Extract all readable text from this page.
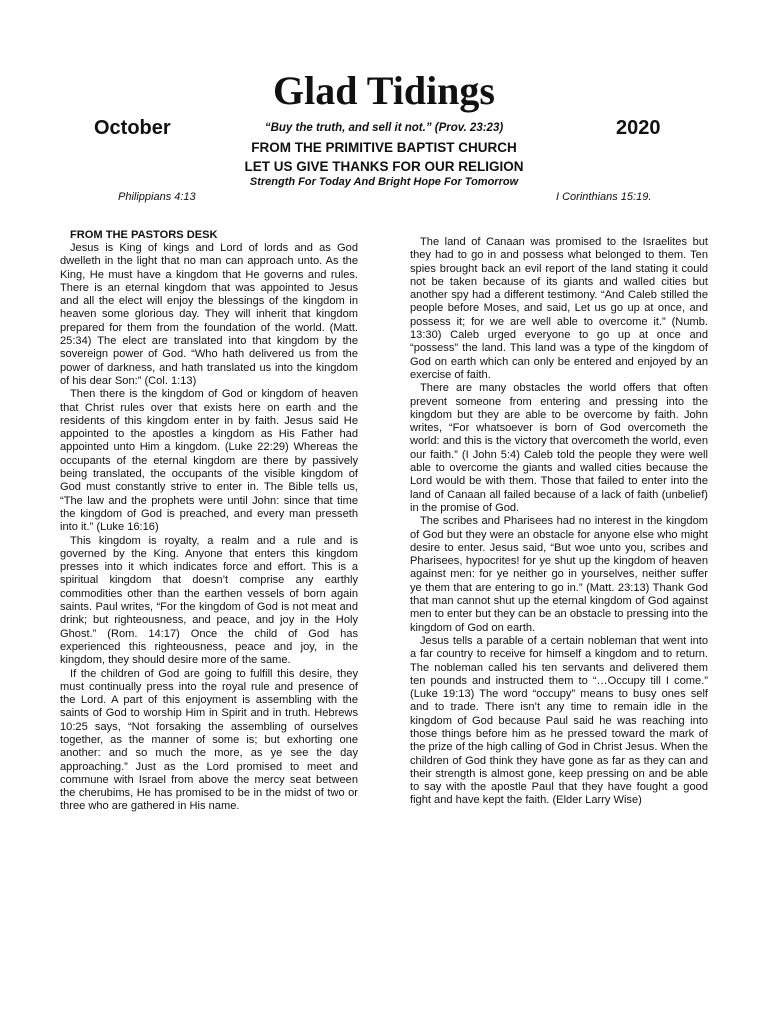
Glad Tidings
October	2020
“Buy the truth, and sell it not.” (Prov. 23:23)
FROM THE PRIMITIVE BAPTIST CHURCH
LET US GIVE THANKS FOR OUR RELIGION
Strength For Today And Bright Hope For Tomorrow
Philippians 4:13	I Corinthians 15:19.

FROM THE PASTORS DESK

Jesus is King of kings and Lord of lords and as God dwelleth in the light that no man can approach unto. As the King, He must have a kingdom that He governs and rules. There is an eternal kingdom that was appointed to Jesus and all the elect will enjoy the blessings of the kingdom in heaven some glorious day. They will inherit that kingdom prepared for them from the foundation of the world. (Matt. 25:34) The elect are translated into that kingdom by the sovereign power of God. “Who hath delivered us from the power of darkness, and hath translated us into the kingdom of his dear Son:” (Col. 1:13)

Then there is the kingdom of God or kingdom of heaven that Christ rules over that exists here on earth and the residents of this kingdom enter in by faith. Jesus said He appointed to the apostles a kingdom as His Father had appointed unto Him a kingdom. (Luke 22:29) Whereas the occupants of the eternal kingdom are there by passively being translated, the occupants of the visible kingdom of God must constantly strive to enter in. The Bible tells us, “The law and the prophets were until John: since that time the kingdom of God is preached, and every man presseth into it.” (Luke 16:16)

This kingdom is royalty, a realm and a rule and is governed by the King. Anyone that enters this kingdom presses into it which indicates force and effort. This is a spiritual kingdom that doesn’t comprise any earthly commodities other than the earthen vessels of born again saints. Paul writes, “For the kingdom of God is not meat and drink; but righteousness, and peace, and joy in the Holy Ghost.” (Rom. 14:17) Once the child of God has experienced this righteousness, peace and joy, in the kingdom, they should desire more of the same.

If the children of God are going to fulfill this desire, they must continually press into the royal rule and presence of the Lord. A part of this enjoyment is assembling with the saints of God to worship Him in Spirit and in truth. Hebrews 10:25 says, “Not forsaking the assembling of ourselves together, as the manner of some is; but exhorting one another: and so much the more, as ye see the day approaching.” Just as the Lord promised to meet and commune with Israel from above the mercy seat between the cherubims, He has promised to be in the midst of two or three who are gathered in His name.

The land of Canaan was promised to the Israelites but they had to go in and possess what belonged to them. Ten spies brought back an evil report of the land stating it could not be taken because of its giants and walled cities but another spy had a different testimony. “And Caleb stilled the people before Moses, and said, Let us go up at once, and possess it; for we are well able to overcome it.” (Numb. 13:30) Caleb urged everyone to go up at once and “possess” the land. This land was a type of the kingdom of God on earth which can only be entered and enjoyed by an exercise of faith.

There are many obstacles the world offers that often prevent someone from entering and pressing into the kingdom but they are able to be overcome by faith. John writes, “For whatsoever is born of God overcometh the world: and this is the victory that overcometh the world, even our faith.” (I John 5:4) Caleb told the people they were well able to overcome the giants and walled cities because the Lord would be with them. Those that failed to enter into the land of Canaan all failed because of a lack of faith (unbelief) in the promise of God.

The scribes and Pharisees had no interest in the kingdom of God but they were an obstacle for anyone else who might desire to enter. Jesus said, “But woe unto you, scribes and Pharisees, hypocrites! for ye shut up the kingdom of heaven against men: for ye neither go in yourselves, neither suffer ye them that are entering to go in.” (Matt. 23:13) Thank God that man cannot shut up the eternal kingdom of God against men to enter but they can be an obstacle to pressing into the kingdom of God on earth.

Jesus tells a parable of a certain nobleman that went into a far country to receive for himself a kingdom and to return. The nobleman called his ten servants and delivered them ten pounds and instructed them to “…Occupy till I come.” (Luke 19:13) The word “occupy” means to busy ones self and to trade. There isn’t any time to remain idle in the kingdom of God because Paul said he was reaching into those things before him as he pressed toward the mark of the prize of the high calling of God in Christ Jesus. When the children of God think they have gone as far as they can and their strength is almost gone, keep pressing on and be able to say with the apostle Paul that they have fought a good fight and have kept the faith. (Elder Larry Wise)
